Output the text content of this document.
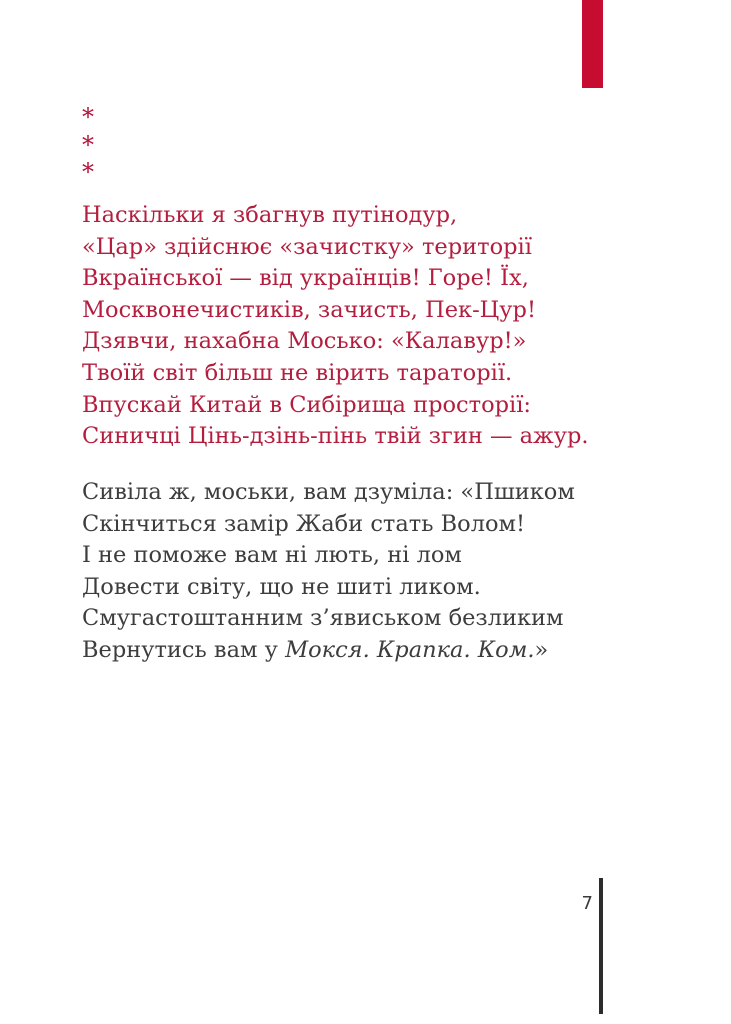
*
*
*
Наскільки я збагнув путінодур,
«Цар» здійснює «зачистку» території
Вкраїнської — від українців! Горе! Їх,
Москвонечистиків, зачисть, Пек-Цур!
Дзявчи, нахабна Мосько: «Калавур!»
Твоїй світ більш не вірить тараторії.
Впускай Китай в Сибірища просторії:
Синичці Цінь-дзінь-пінь твій згин — ажур.
Сивіла ж, моськи, вам дзуміла: «Пшиком
Скінчиться замір Жаби стать Волом!
І не поможе вам ні лють, ні лом
Довести світу, що не шиті ликом.
Смугастоштанним з’явиськом безликим
Вернутись вам у Мокся. Крапка. Ком.»
7
